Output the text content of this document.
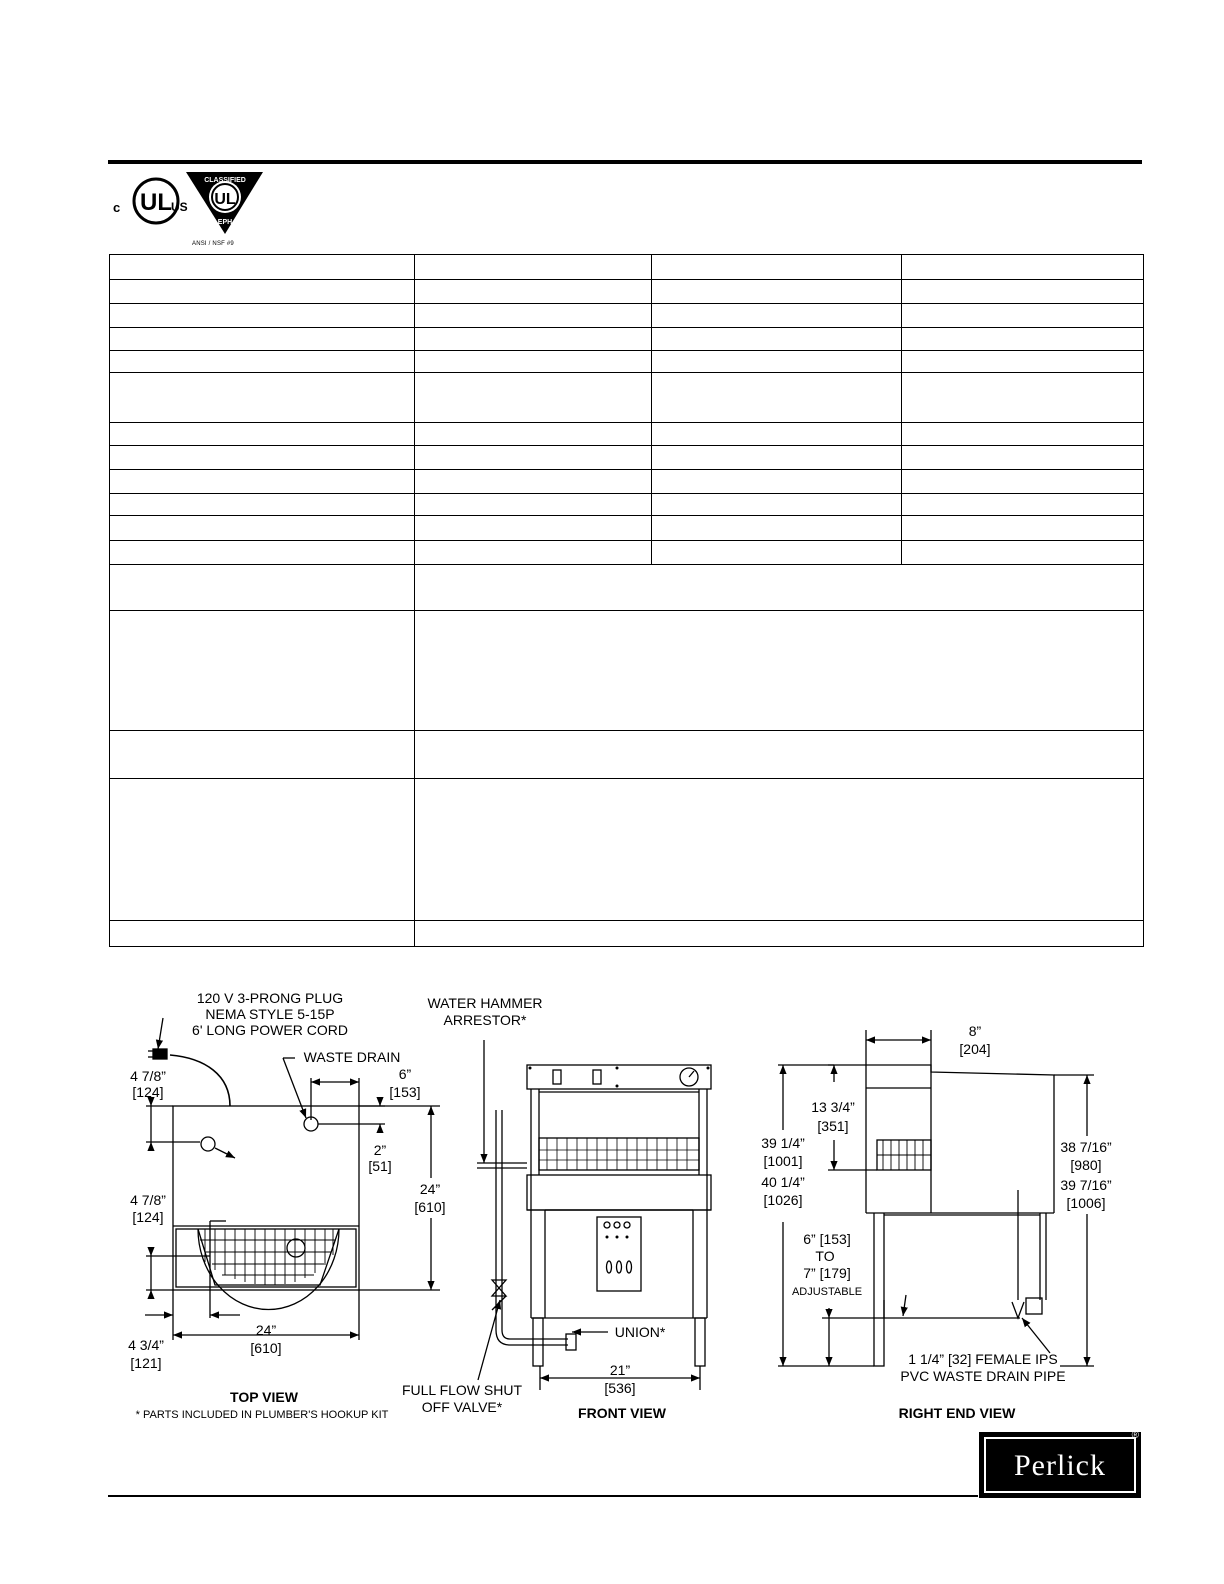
c UL US UL
CLASSIFIED
EPH
ANSI / NSF #9

120 V 3-PRONG PLUG
NEMA STYLE 5-15P
6' LONG POWER CORD
WASTE DRAIN
4 7/8”
[124]
6”
[153]
2”
[51]
24”
[610]
4 7/8”
[124]
4 3/4”
[121]
24”
[610]
TOP VIEW
* PARTS INCLUDED IN PLUMBER'S HOOKUP KIT
WATER HAMMER
ARRESTOR*
UNION*
21”
[536]
FULL FLOW SHUT
OFF VALVE*	FRONT VIEW
8”
[204]
13 3/4”
[351]
39 1/4”
[1001]
40 1/4”
[1026]
6” [153]
TO
7” [179]
ADJUSTABLE
38 7/16”
[980]
39 7/16”
[1006]
1 1/4” [32] FEMALE IPS
PVC WASTE DRAIN PIPE
RIGHT END VIEW
Perlick
®
